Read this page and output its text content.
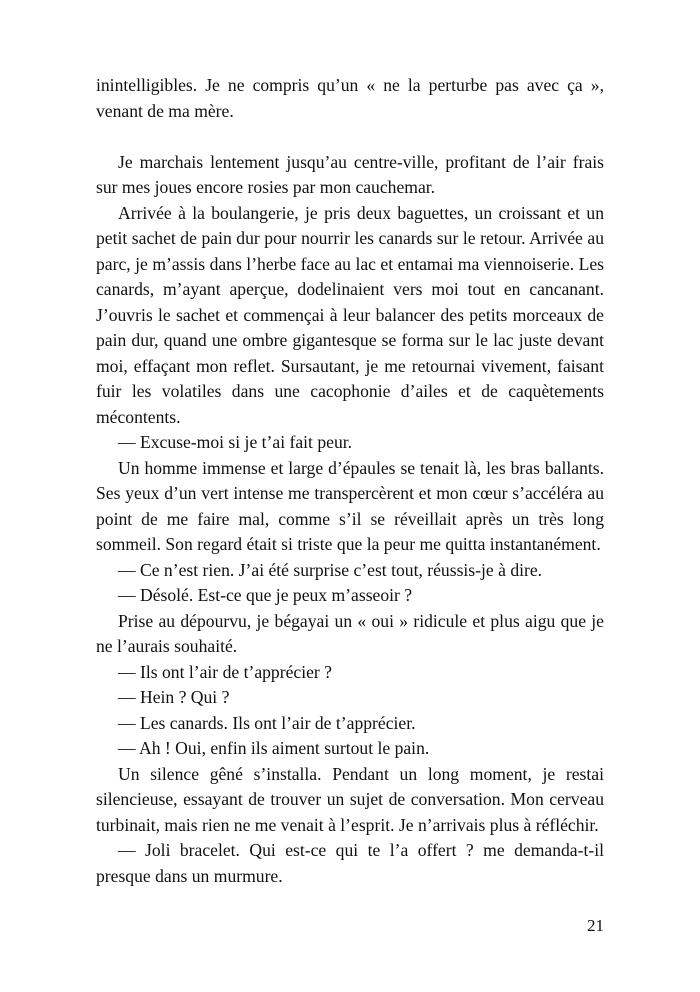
inintelligibles. Je ne compris qu’un « ne la perturbe pas avec ça », venant de ma mère.

Je marchais lentement jusqu’au centre-ville, profitant de l’air frais sur mes joues encore rosies par mon cauchemar.

Arrivée à la boulangerie, je pris deux baguettes, un croissant et un petit sachet de pain dur pour nourrir les canards sur le retour. Arrivée au parc, je m’assis dans l’herbe face au lac et entamai ma viennoiserie. Les canards, m’ayant aperçue, dodelinaient vers moi tout en cancanant. J’ouvris le sachet et commençai à leur balancer des petits morceaux de pain dur, quand une ombre gigantesque se forma sur le lac juste devant moi, effaçant mon reflet. Sursautant, je me retournai vivement, faisant fuir les volatiles dans une cacophonie d’ailes et de caquètements mécontents.

— Excuse-moi si je t’ai fait peur.

Un homme immense et large d’épaules se tenait là, les bras ballants. Ses yeux d’un vert intense me transpercèrent et mon cœur s’accéléra au point de me faire mal, comme s’il se réveillait après un très long sommeil. Son regard était si triste que la peur me quitta instantanément.

— Ce n’est rien. J’ai été surprise c’est tout, réussis-je à dire.

— Désolé. Est-ce que je peux m’asseoir ?

Prise au dépourvu, je bégayai un « oui » ridicule et plus aigu que je ne l’aurais souhaité.

— Ils ont l’air de t’apprécier ?

— Hein ? Qui ?

— Les canards. Ils ont l’air de t’apprécier.

— Ah ! Oui, enfin ils aiment surtout le pain.

Un silence gêné s’installa. Pendant un long moment, je restai silencieuse, essayant de trouver un sujet de conversation. Mon cerveau turbinait, mais rien ne me venait à l’esprit. Je n’arrivais plus à réfléchir.

— Joli bracelet. Qui est-ce qui te l’a offert ? me demanda-t-il presque dans un murmure.

21
